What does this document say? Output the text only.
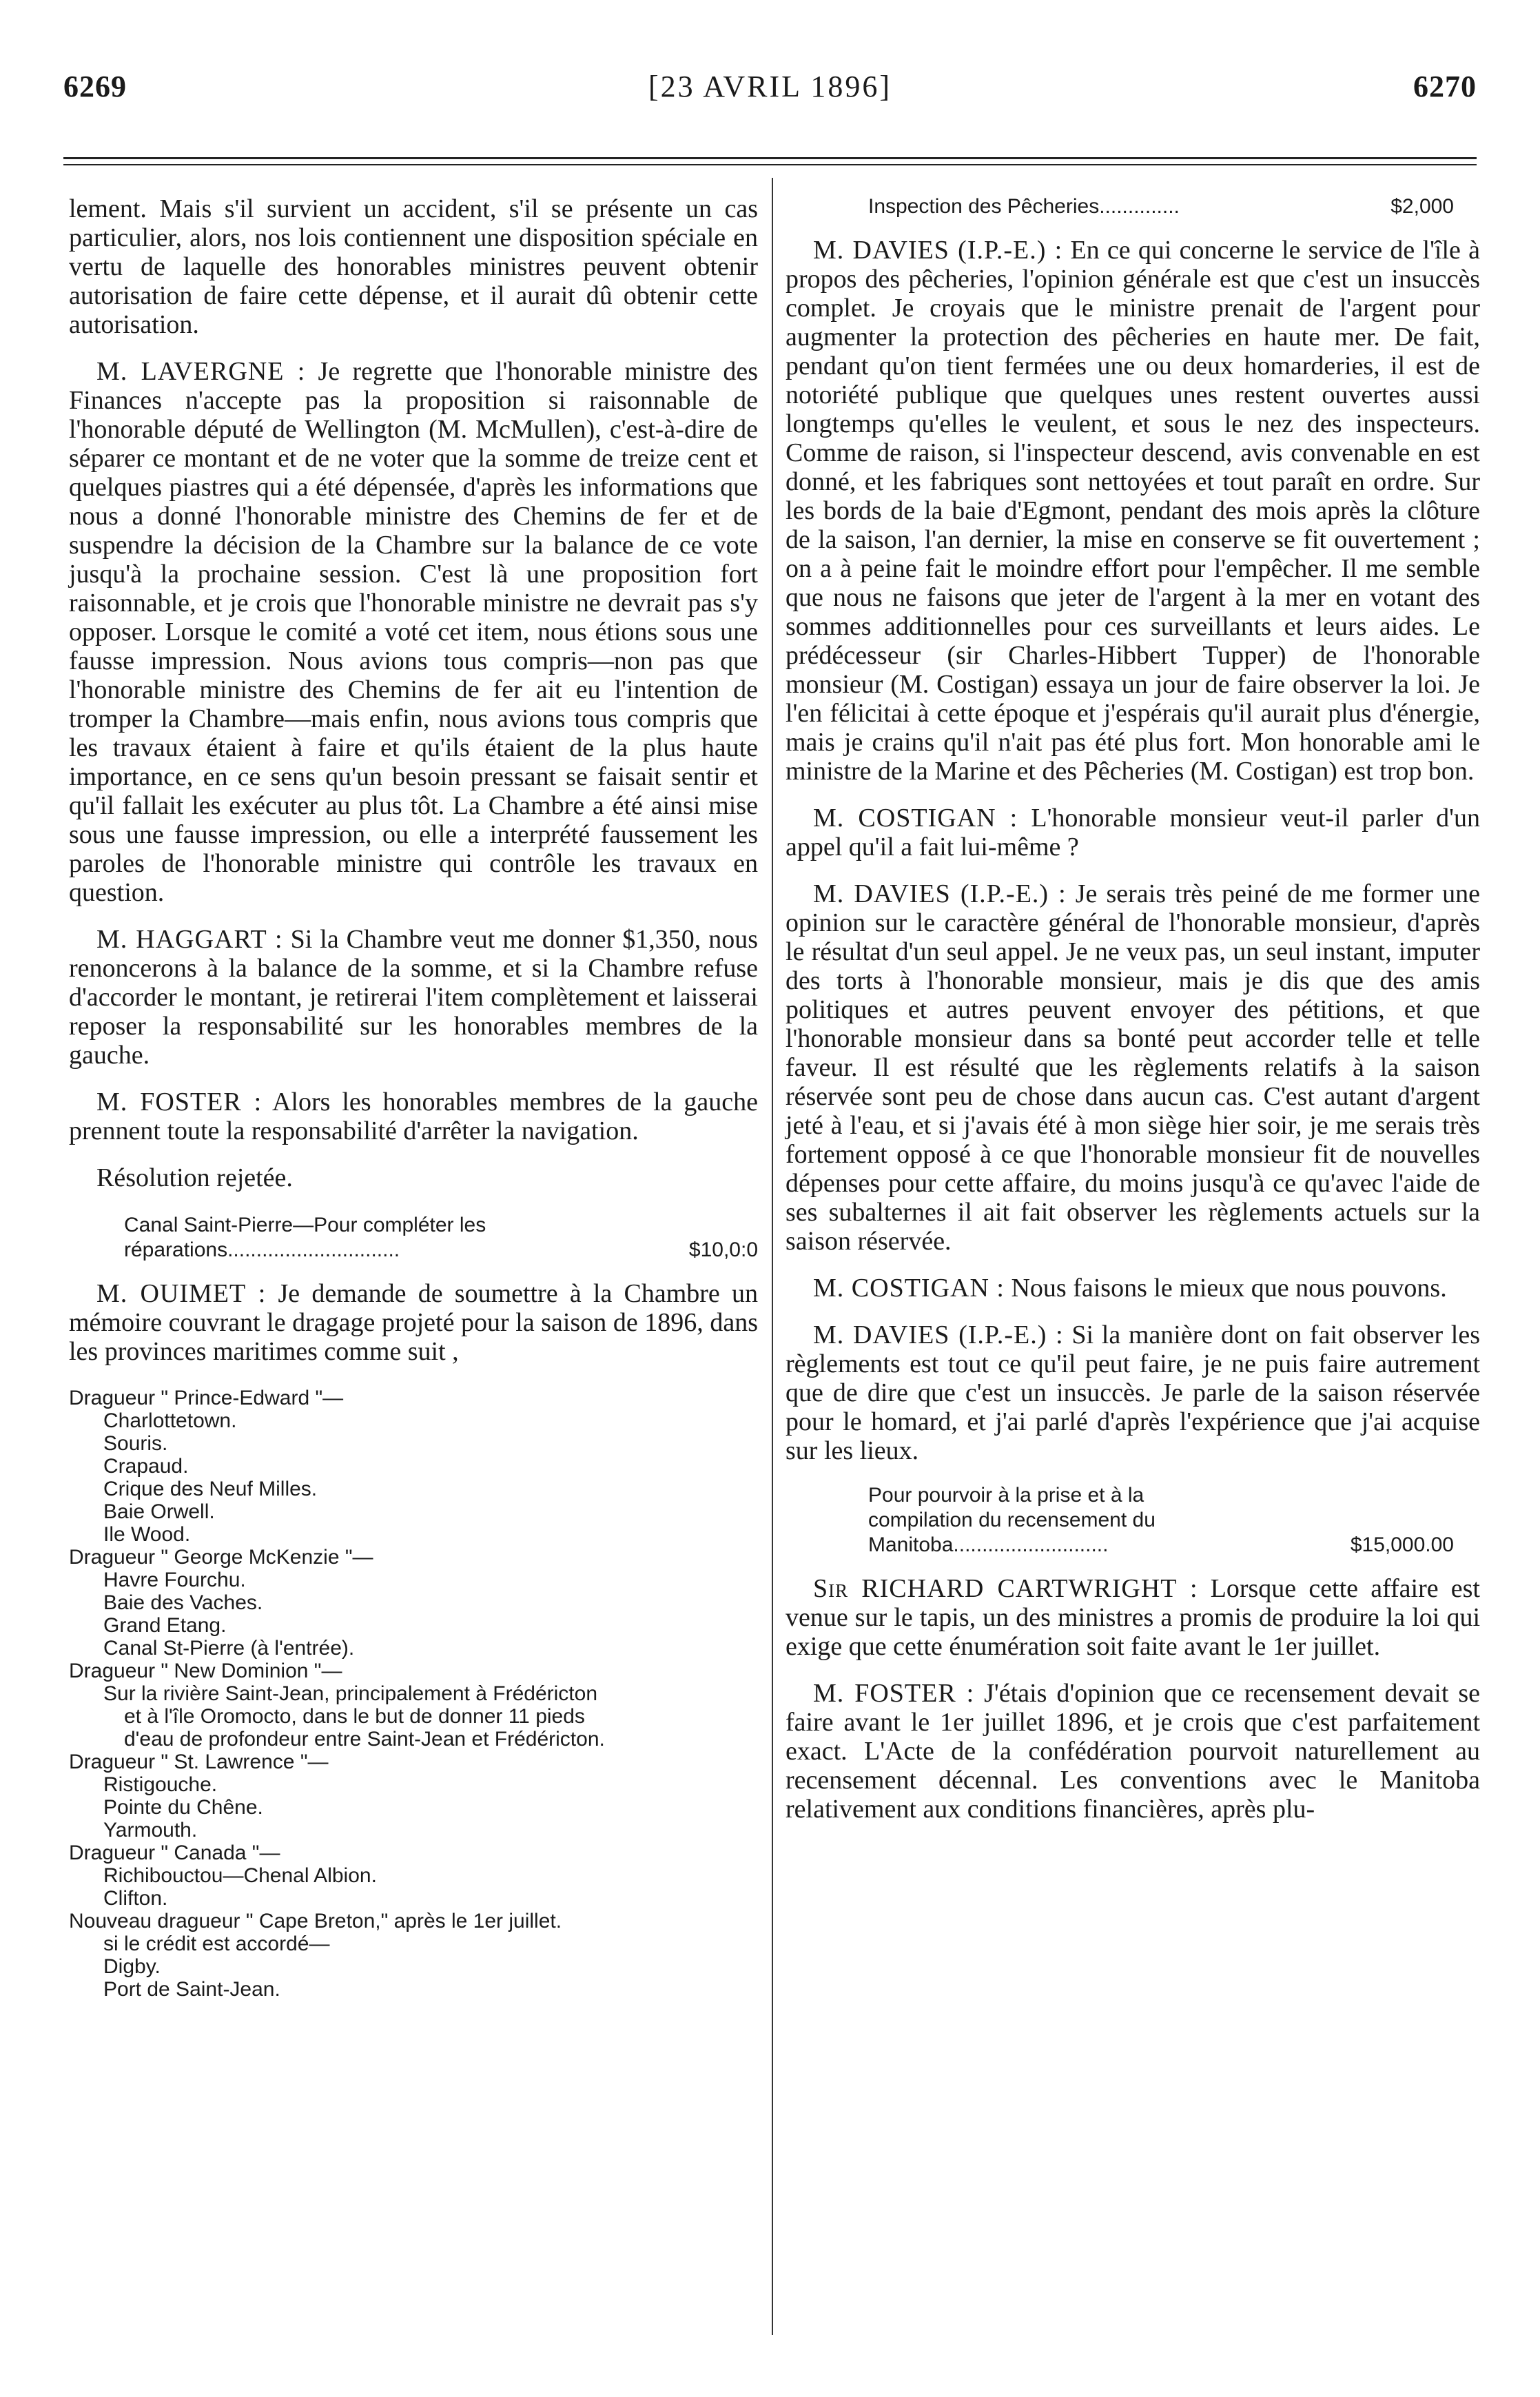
6269	[23 AVRIL 1896]	6270

lement. Mais s'il survient un accident, s'il se présente un cas particulier, alors, nos lois contiennent une disposition spéciale en vertu de laquelle des honorables ministres peuvent obtenir autorisation de faire cette dépense, et il aurait dû obtenir cette autorisation.

M. LAVERGNE : Je regrette que l'honorable ministre des Finances n'accepte pas la proposition si raisonnable de l'honorable député de Wellington (M. McMullen), c'est-à-dire de séparer ce montant et de ne voter que la somme de treize cent et quelques piastres qui a été dépensée, d'après les informations que nous a donné l'honorable ministre des Chemins de fer et de suspendre la décision de la Chambre sur la balance de ce vote jusqu'à la prochaine session. C'est là une proposition fort raisonnable, et je crois que l'honorable ministre ne devrait pas s'y opposer. Lorsque le comité a voté cet item, nous étions sous une fausse impression. Nous avions tous compris—non pas que l'honorable ministre des Chemins de fer ait eu l'intention de tromper la Chambre—mais enfin, nous avions tous compris que les travaux étaient à faire et qu'ils étaient de la plus haute importance, en ce sens qu'un besoin pressant se faisait sentir et qu'il fallait les exécuter au plus tôt. La Chambre a été ainsi mise sous une fausse impression, ou elle a interprété faussement les paroles de l'honorable ministre qui contrôle les travaux en question.

M. HAGGART : Si la Chambre veut me donner $1,350, nous renoncerons à la balance de la somme, et si la Chambre refuse d'accorder le montant, je retirerai l'item complètement et laisserai reposer la responsabilité sur les honorables membres de la gauche.

M. FOSTER : Alors les honorables membres de la gauche prennent toute la responsabilité d'arrêter la navigation.

Résolution rejetée.

Canal Saint-Pierre—Pour compléter les
réparations..............................	$10,0:0

M. OUIMET : Je demande de soumettre à la Chambre un mémoire couvrant le dragage projeté pour la saison de 1896, dans les provinces maritimes comme suit ,

Dragueur " Prince-Edward "—
Charlottetown.
Souris.
Crapaud.
Crique des Neuf Milles.
Baie Orwell.
Ile Wood.
Dragueur " George McKenzie "—
Havre Fourchu.
Baie des Vaches.
Grand Etang.
Canal St-Pierre (à l'entrée).
Dragueur " New Dominion "—
Sur la rivière Saint-Jean, principalement à Frédéricton
et à l'île Oromocto, dans le but de donner 11 pieds
d'eau de profondeur entre Saint-Jean et Frédéricton.
Dragueur " St. Lawrence "—
Ristigouche.
Pointe du Chêne.
Yarmouth.
Dragueur " Canada "—
Richibouctou—Chenal Albion.
Clifton.
Nouveau dragueur " Cape Breton," après le 1er juillet.
si le crédit est accordé—
Digby.
Port de Saint-Jean.
Inspection des Pêcheries..............	$2,000

M. DAVIES (I.P.-E.) : En ce qui concerne le service de l'île à propos des pêcheries, l'opinion générale est que c'est un insuccès complet. Je croyais que le ministre prenait de l'argent pour augmenter la protection des pêcheries en haute mer. De fait, pendant qu'on tient fermées une ou deux homarderies, il est de notoriété publique que quelques unes restent ouvertes aussi longtemps qu'elles le veulent, et sous le nez des inspecteurs. Comme de raison, si l'inspecteur descend, avis convenable en est donné, et les fabriques sont nettoyées et tout paraît en ordre. Sur les bords de la baie d'Egmont, pendant des mois après la clôture de la saison, l'an dernier, la mise en conserve se fit ouvertement ; on a à peine fait le moindre effort pour l'empêcher. Il me semble que nous ne faisons que jeter de l'argent à la mer en votant des sommes additionnelles pour ces surveillants et leurs aides. Le prédécesseur (sir Charles-Hibbert Tupper) de l'honorable monsieur (M. Costigan) essaya un jour de faire observer la loi. Je l'en félicitai à cette époque et j'espérais qu'il aurait plus d'énergie, mais je crains qu'il n'ait pas été plus fort. Mon honorable ami le ministre de la Marine et des Pêcheries (M. Costigan) est trop bon.

M. COSTIGAN : L'honorable monsieur veut-il parler d'un appel qu'il a fait lui-même ?

M. DAVIES (I.P.-E.) : Je serais très peiné de me former une opinion sur le caractère général de l'honorable monsieur, d'après le résultat d'un seul appel. Je ne veux pas, un seul instant, imputer des torts à l'honorable monsieur, mais je dis que des amis politiques et autres peuvent envoyer des pétitions, et que l'honorable monsieur dans sa bonté peut accorder telle et telle faveur. Il est résulté que les règlements relatifs à la saison réservée sont peu de chose dans aucun cas. C'est autant d'argent jeté à l'eau, et si j'avais été à mon siège hier soir, je me serais très fortement opposé à ce que l'honorable monsieur fit de nouvelles dépenses pour cette affaire, du moins jusqu'à ce qu'avec l'aide de ses subalternes il ait fait observer les règlements actuels sur la saison réservée.

M. COSTIGAN : Nous faisons le mieux que nous pouvons.

M. DAVIES (I.P.-E.) : Si la manière dont on fait observer les règlements est tout ce qu'il peut faire, je ne puis faire autrement que de dire que c'est un insuccès. Je parle de la saison réservée pour le homard, et j'ai parlé d'après l'expérience que j'ai acquise sur les lieux.

Pour pourvoir à la prise et à la
compilation du recensement du
Manitoba...........................	$15,000.00

Sir RICHARD CARTWRIGHT : Lorsque cette affaire est venue sur le tapis, un des ministres a promis de produire la loi qui exige que cette énumération soit faite avant le 1er juillet.

M. FOSTER : J'étais d'opinion que ce recensement devait se faire avant le 1er juillet 1896, et je crois que c'est parfaitement exact. L'Acte de la confédération pourvoit naturellement au recensement décennal. Les conventions avec le Manitoba relativement aux conditions financières, après plu-
